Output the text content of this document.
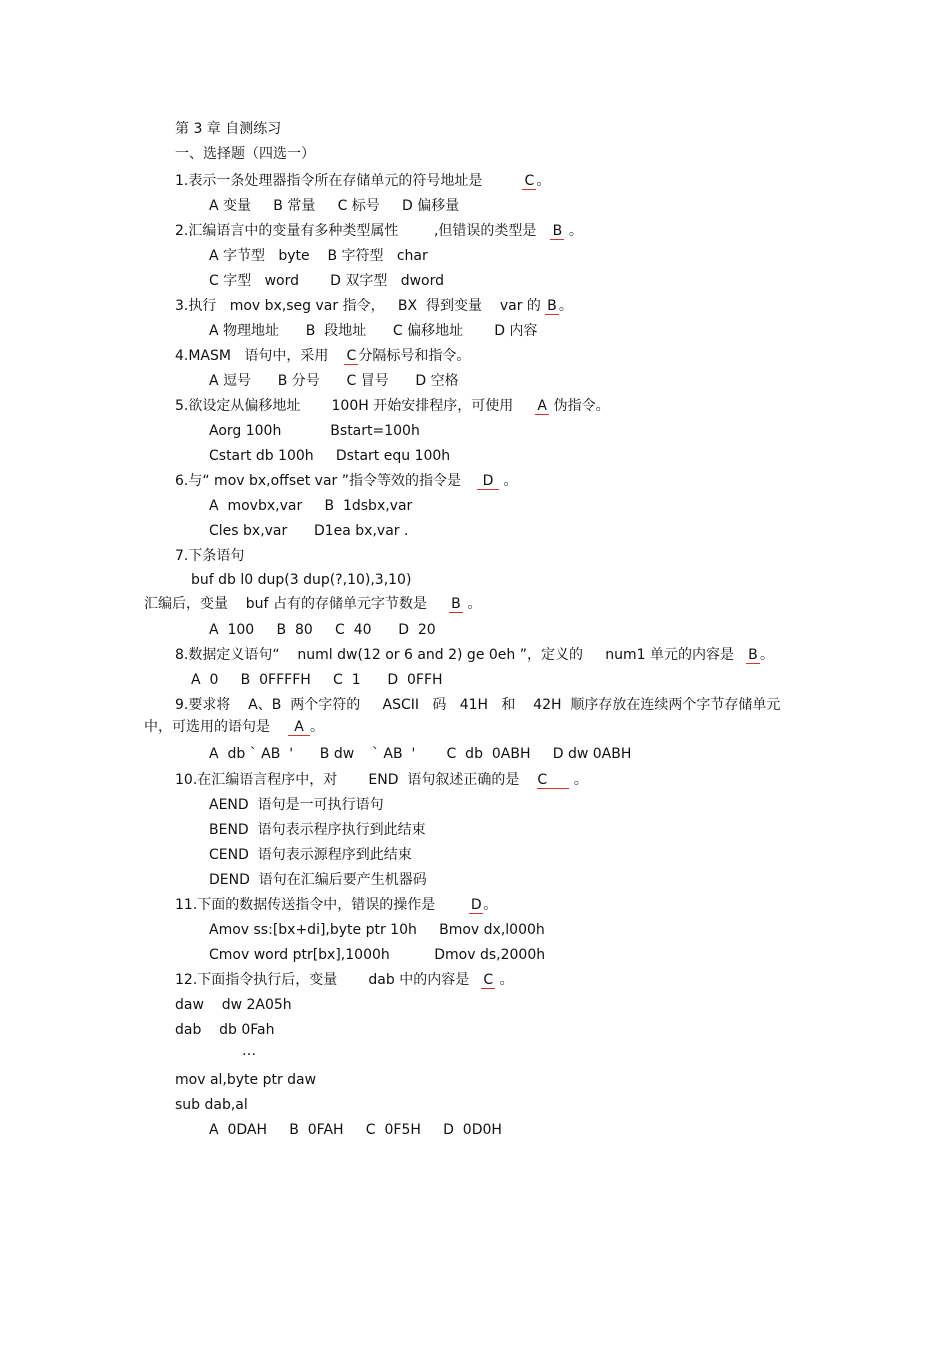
第 3 章 自测练习
一、选择题（四选一）
1.表示一条处理器指令所在存储单元的符号地址是	C 。
A 变量     B 常量     C 标号     D 偏移量
2.汇编语言中的变量有多种类型属性        ,但错误的类型是 B 。
A 字节型   byte    B 字符型   char
C 字型   word       D 双字型   dword
3.执行   mov bx,seg var 指令，   BX  得到变量    var 的 B 。
A 物理地址      B  段地址      C 偏移地址       D 内容
4.MASM   语句中，采用 C 分隔标号和指令。
A 逗号      B 分号      C 冒号      D 空格
5.欲设定从偏移地址       100H 开始安排程序，可使用 A 伪指令。
Aorg 100h           Bstart=100h
Cstart db 100h     Dstart equ 100h
6.与“ mov bx,offset var ”指令等效的指令是 D 。
A  movbx,var     B  1dsbx,var
Cles bx,var      D1ea bx,var .
7.下条语句
buf db l0 dup(3 dup(?,10),3,10)
汇编后，变量    buf 占有的存储单元字节数是 B 。
A  100     B  80     C  40      D  20
8.数据定义语句“    numl dw(12 or 6 and 2) ge 0eh ”，定义的     num1 单元的内容是 B 。
A  0     B  0FFFFH     C  1      D  0FFH
9.要求将    A、B  两个字符的     ASCII   码   41H   和    42H  顺序存放在连续两个字节存储单元
中，可选用的语句是 A 。
A  db ` AB  '      B dw    ` AB  '       C  db  0ABH     D dw 0ABH
10.在汇编语言程序中，对       END  语句叙述正确的是 C 。
AEND  语句是一可执行语句
BEND  语句表示程序执行到此结束
CEND  语句表示源程序到此结束
DEND  语句在汇编后要产生机器码
11.下面的数据传送指令中，错误的操作是	D 。
Amov ss:[bx+di],byte ptr 10h     Bmov dx,l000h
Cmov word ptr[bx],1000h          Dmov ds,2000h
12.下面指令执行后，变量       dab 中的内容是 C 。
daw    dw 2A05h
dab    db 0Fah
…
mov al,byte ptr daw
sub dab,al
A  0DAH     B  0FAH     C  0F5H     D  0D0H
